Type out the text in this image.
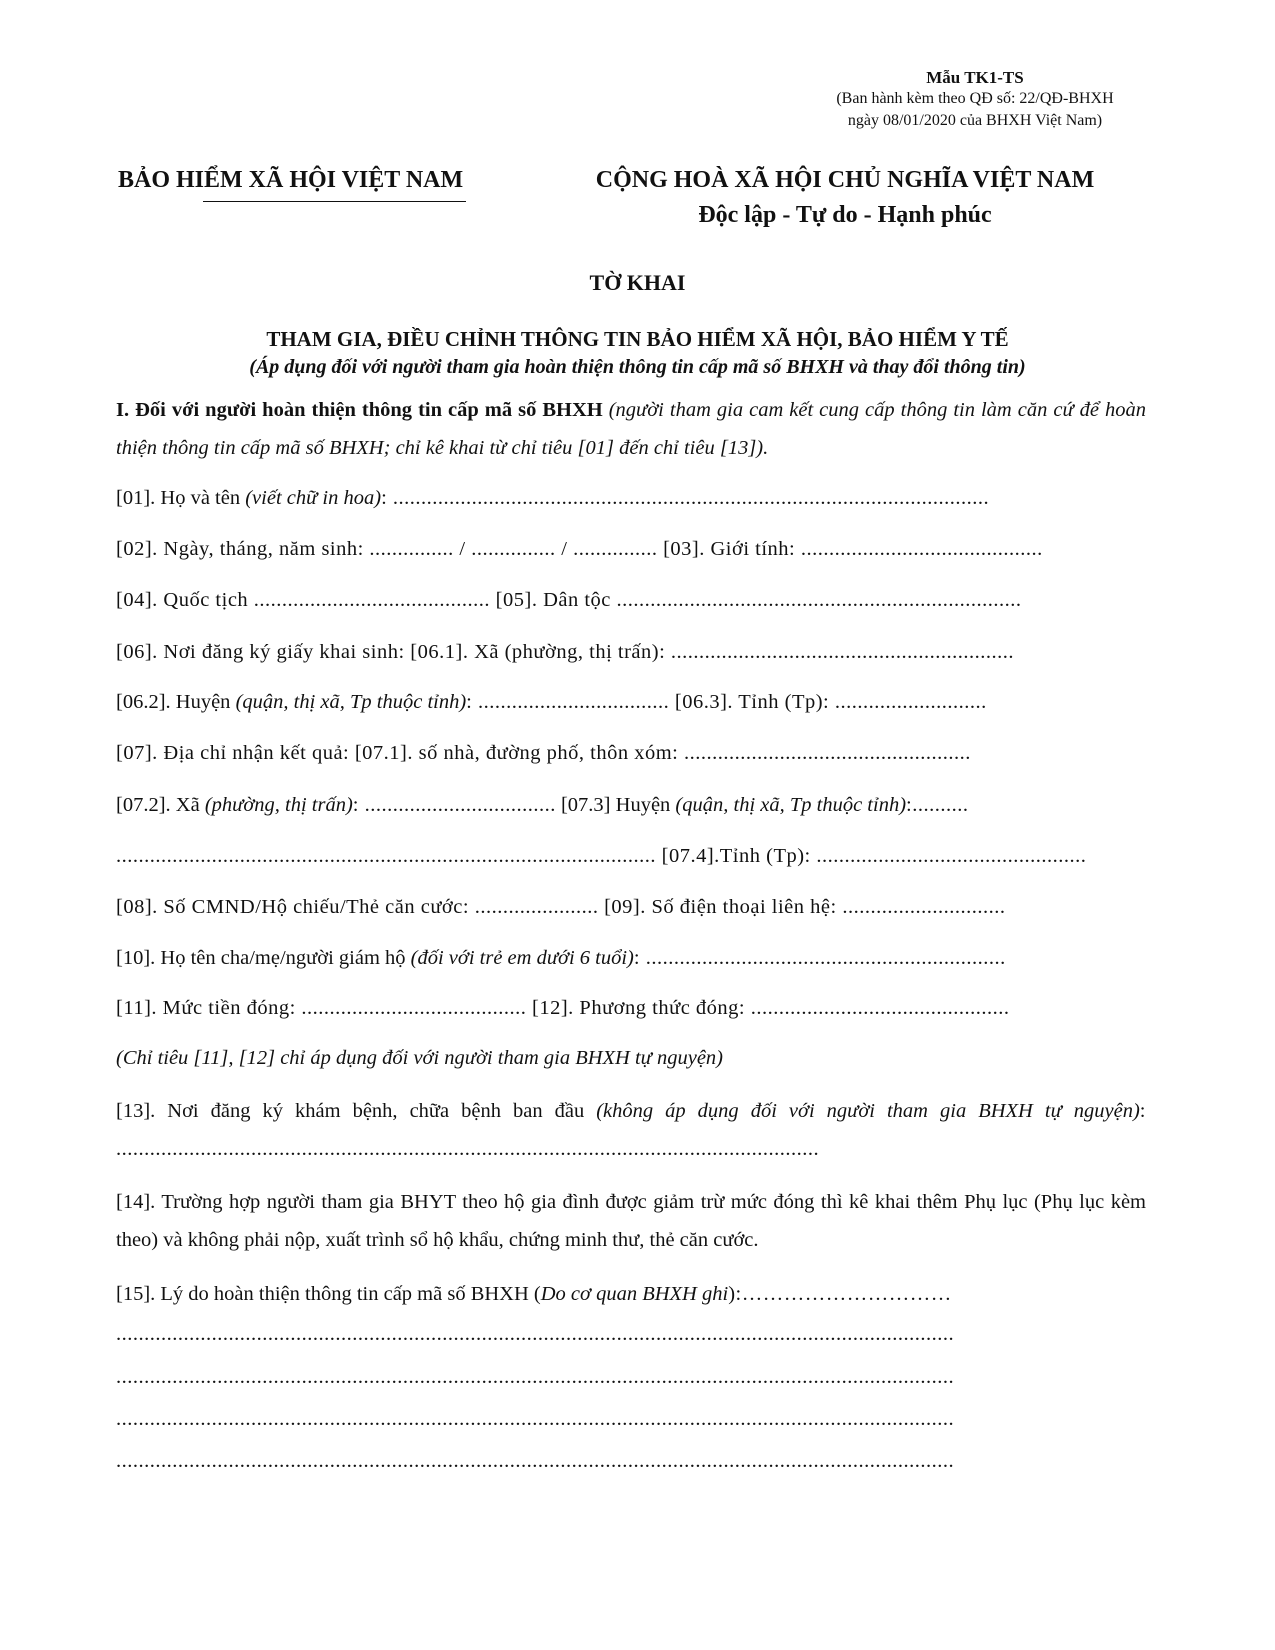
Mẫu TK1-TS
(Ban hành kèm theo QĐ số: 22/QĐ-BHXH
ngày 08/01/2020 của BHXH Việt Nam)
BẢO HIỂM XÃ HỘI VIỆT NAM	CỘNG HOÀ XÃ HỘI CHỦ NGHĨA VIỆT NAM
Độc lập - Tự do - Hạnh phúc
TỜ KHAI
THAM GIA, ĐIỀU CHỈNH THÔNG TIN BẢO HIỂM XÃ HỘI, BẢO HIỂM Y TẾ
(Áp dụng đối với người tham gia hoàn thiện thông tin cấp mã số BHXH và thay đổi thông tin)
I. Đối với người hoàn thiện thông tin cấp mã số BHXH (người tham gia cam kết cung cấp thông tin làm căn cứ để hoàn thiện thông tin cấp mã số BHXH; chỉ kê khai từ chỉ tiêu [01] đến chỉ tiêu [13]).
[01]. Họ và tên (viết chữ in hoa): ..........................................................................................................
[02]. Ngày, tháng, năm sinh: ............... / ............... / ............... [03]. Giới tính: ...........................................
[04]. Quốc tịch .......................................... [05]. Dân tộc ........................................................................
[06]. Nơi đăng ký giấy khai sinh: [06.1]. Xã (phường, thị trấn): .............................................................
[06.2]. Huyện (quận, thị xã, Tp thuộc tỉnh): .................................. [06.3]. Tỉnh (Tp): ...........................
[07]. Địa chỉ nhận kết quả: [07.1]. số nhà, đường phố, thôn xóm: ...................................................
[07.2]. Xã (phường, thị trấn): .................................. [07.3] Huyện (quận, thị xã, Tp thuộc tỉnh):..........
................................................................................................ [07.4].Tỉnh (Tp): ................................................
[08]. Số CMND/Hộ chiếu/Thẻ căn cước: ...................... [09]. Số điện thoại liên hệ: .............................
[10]. Họ tên cha/mẹ/người giám hộ (đối với trẻ em dưới 6 tuổi): ................................................................
[11]. Mức tiền đóng: ........................................ [12]. Phương thức đóng: ..............................................
(Chỉ tiêu [11], [12] chỉ áp dụng đối với người tham gia BHXH tự nguyện)
[13]. Nơi đăng ký khám bệnh, chữa bệnh ban đầu (không áp dụng đối với người tham gia BHXH tự nguyện): .............................................................................................................................
[14]. Trường hợp người tham gia BHYT theo hộ gia đình được giảm trừ mức đóng thì kê khai thêm Phụ lục (Phụ lục kèm theo) và không phải nộp, xuất trình sổ hộ khẩu, chứng minh thư, thẻ căn cước.
[15]. Lý do hoàn thiện thông tin cấp mã số BHXH (Do cơ quan BHXH ghi):…………………………
.....................................................................................................................................................
.....................................................................................................................................................
.....................................................................................................................................................
.....................................................................................................................................................
